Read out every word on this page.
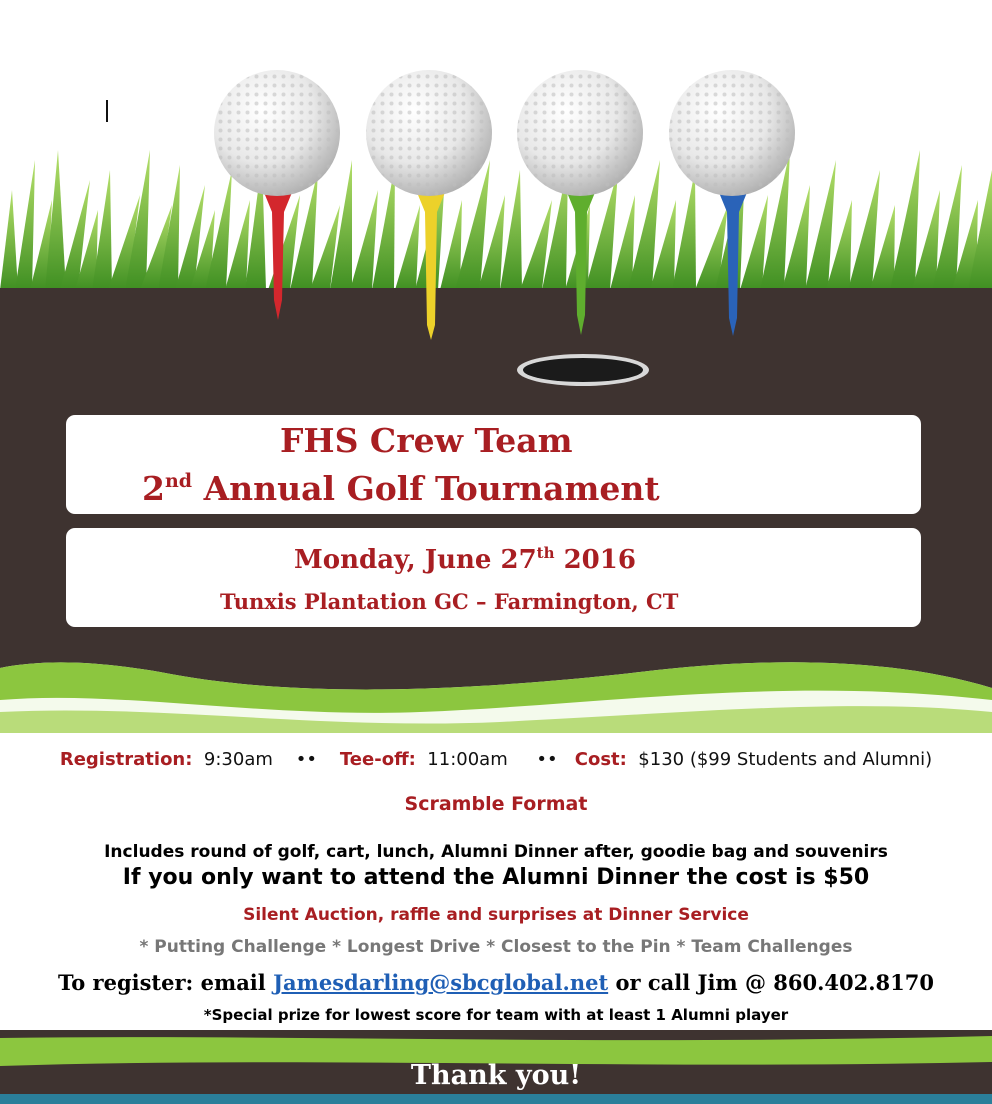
FHS Crew Team
2nd Annual Golf Tournament
Monday, June 27th 2016
Tunxis Plantation GC – Farmington, CT
Registration: 9:30am •• Tee-off: 11:00am •• Cost: $130 ($99 Students and Alumni)
Scramble Format
Includes round of golf, cart, lunch, Alumni Dinner after, goodie bag and souvenirs
If you only want to attend the Alumni Dinner the cost is $50
Silent Auction, raffle and surprises at Dinner Service
* Putting Challenge * Longest Drive * Closest to the Pin * Team Challenges
To register: email Jamesdarling@sbcglobal.net or call Jim @ 860.402.8170
*Special prize for lowest score for team with at least 1 Alumni player
Thank you!
